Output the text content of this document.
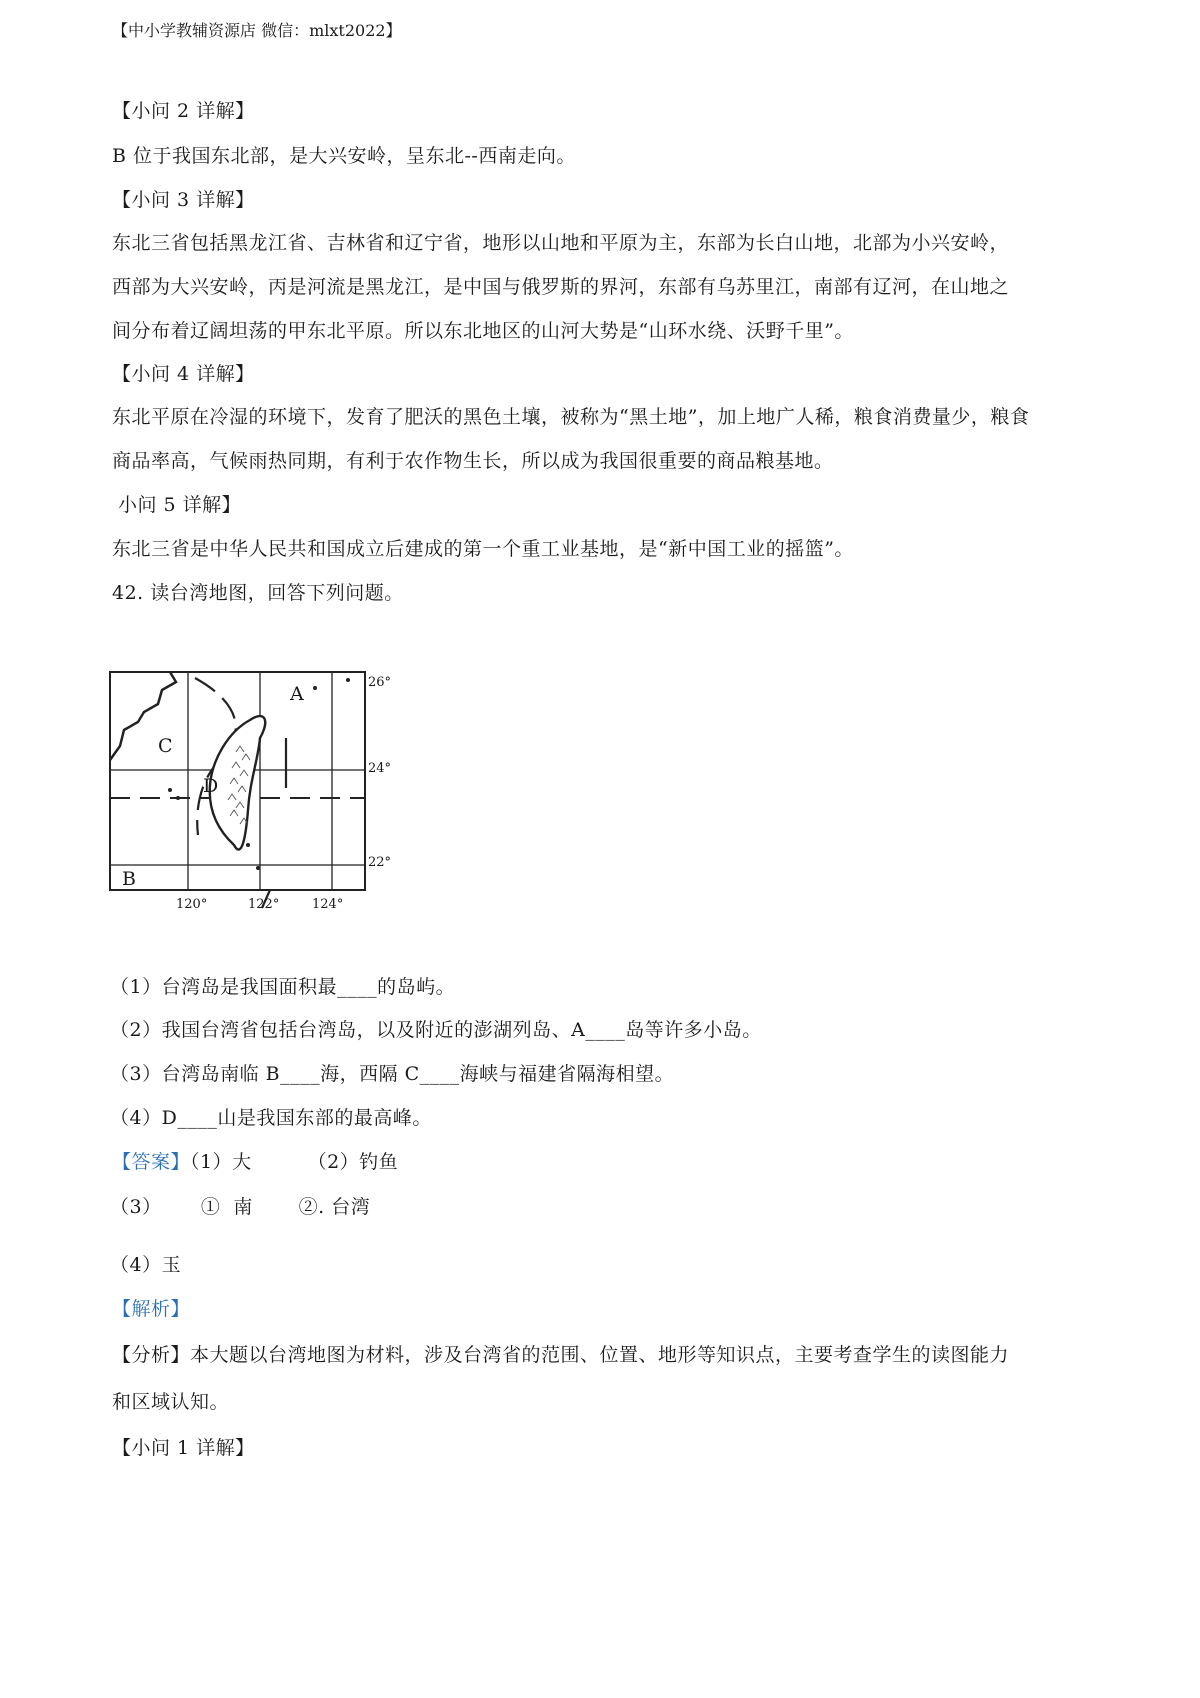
【中小学教辅资源店 微信：mlxt2022】
【小问 2 详解】
B 位于我国东北部，是大兴安岭，呈东北--西南走向。
【小问 3 详解】
东北三省包括黑龙江省、吉林省和辽宁省，地形以山地和平原为主，东部为长白山地，北部为小兴安岭，
西部为大兴安岭，丙是河流是黑龙江，是中国与俄罗斯的界河，东部有乌苏里江，南部有辽河，在山地之
间分布着辽阔坦荡的甲东北平原。所以东北地区的山河大势是“山环水绕、沃野千里”。
【小问 4 详解】
东北平原在冷湿的环境下，发育了肥沃的黑色土壤，被称为“黑土地”，加上地广人稀，粮食消费量少，粮食
商品率高，气候雨热同期，有利于农作物生长，所以成为我国很重要的商品粮基地。
小问 5 详解】
东北三省是中华人民共和国成立后建成的第一个重工业基地，是“新中国工业的摇篮”。
42. 读台湾地图，回答下列问题。
A
B
C
D
26°
24°
22°
120°	122°	124°
（1）台湾岛是我国面积最____的岛屿。
（2）我国台湾省包括台湾岛，以及附近的澎湖列岛、A____岛等许多小岛。
（3）台湾岛南临 B____海，西隔 C____海峡与福建省隔海相望。
（4）D____山是我国东部的最高峰。
【答案】（1）大	（2）钓鱼
（3）      ①  南       ②. 台湾
（4）玉
【解析】
【分析】本大题以台湾地图为材料，涉及台湾省的范围、位置、地形等知识点，主要考查学生的读图能力
和区域认知。
【小问 1 详解】
